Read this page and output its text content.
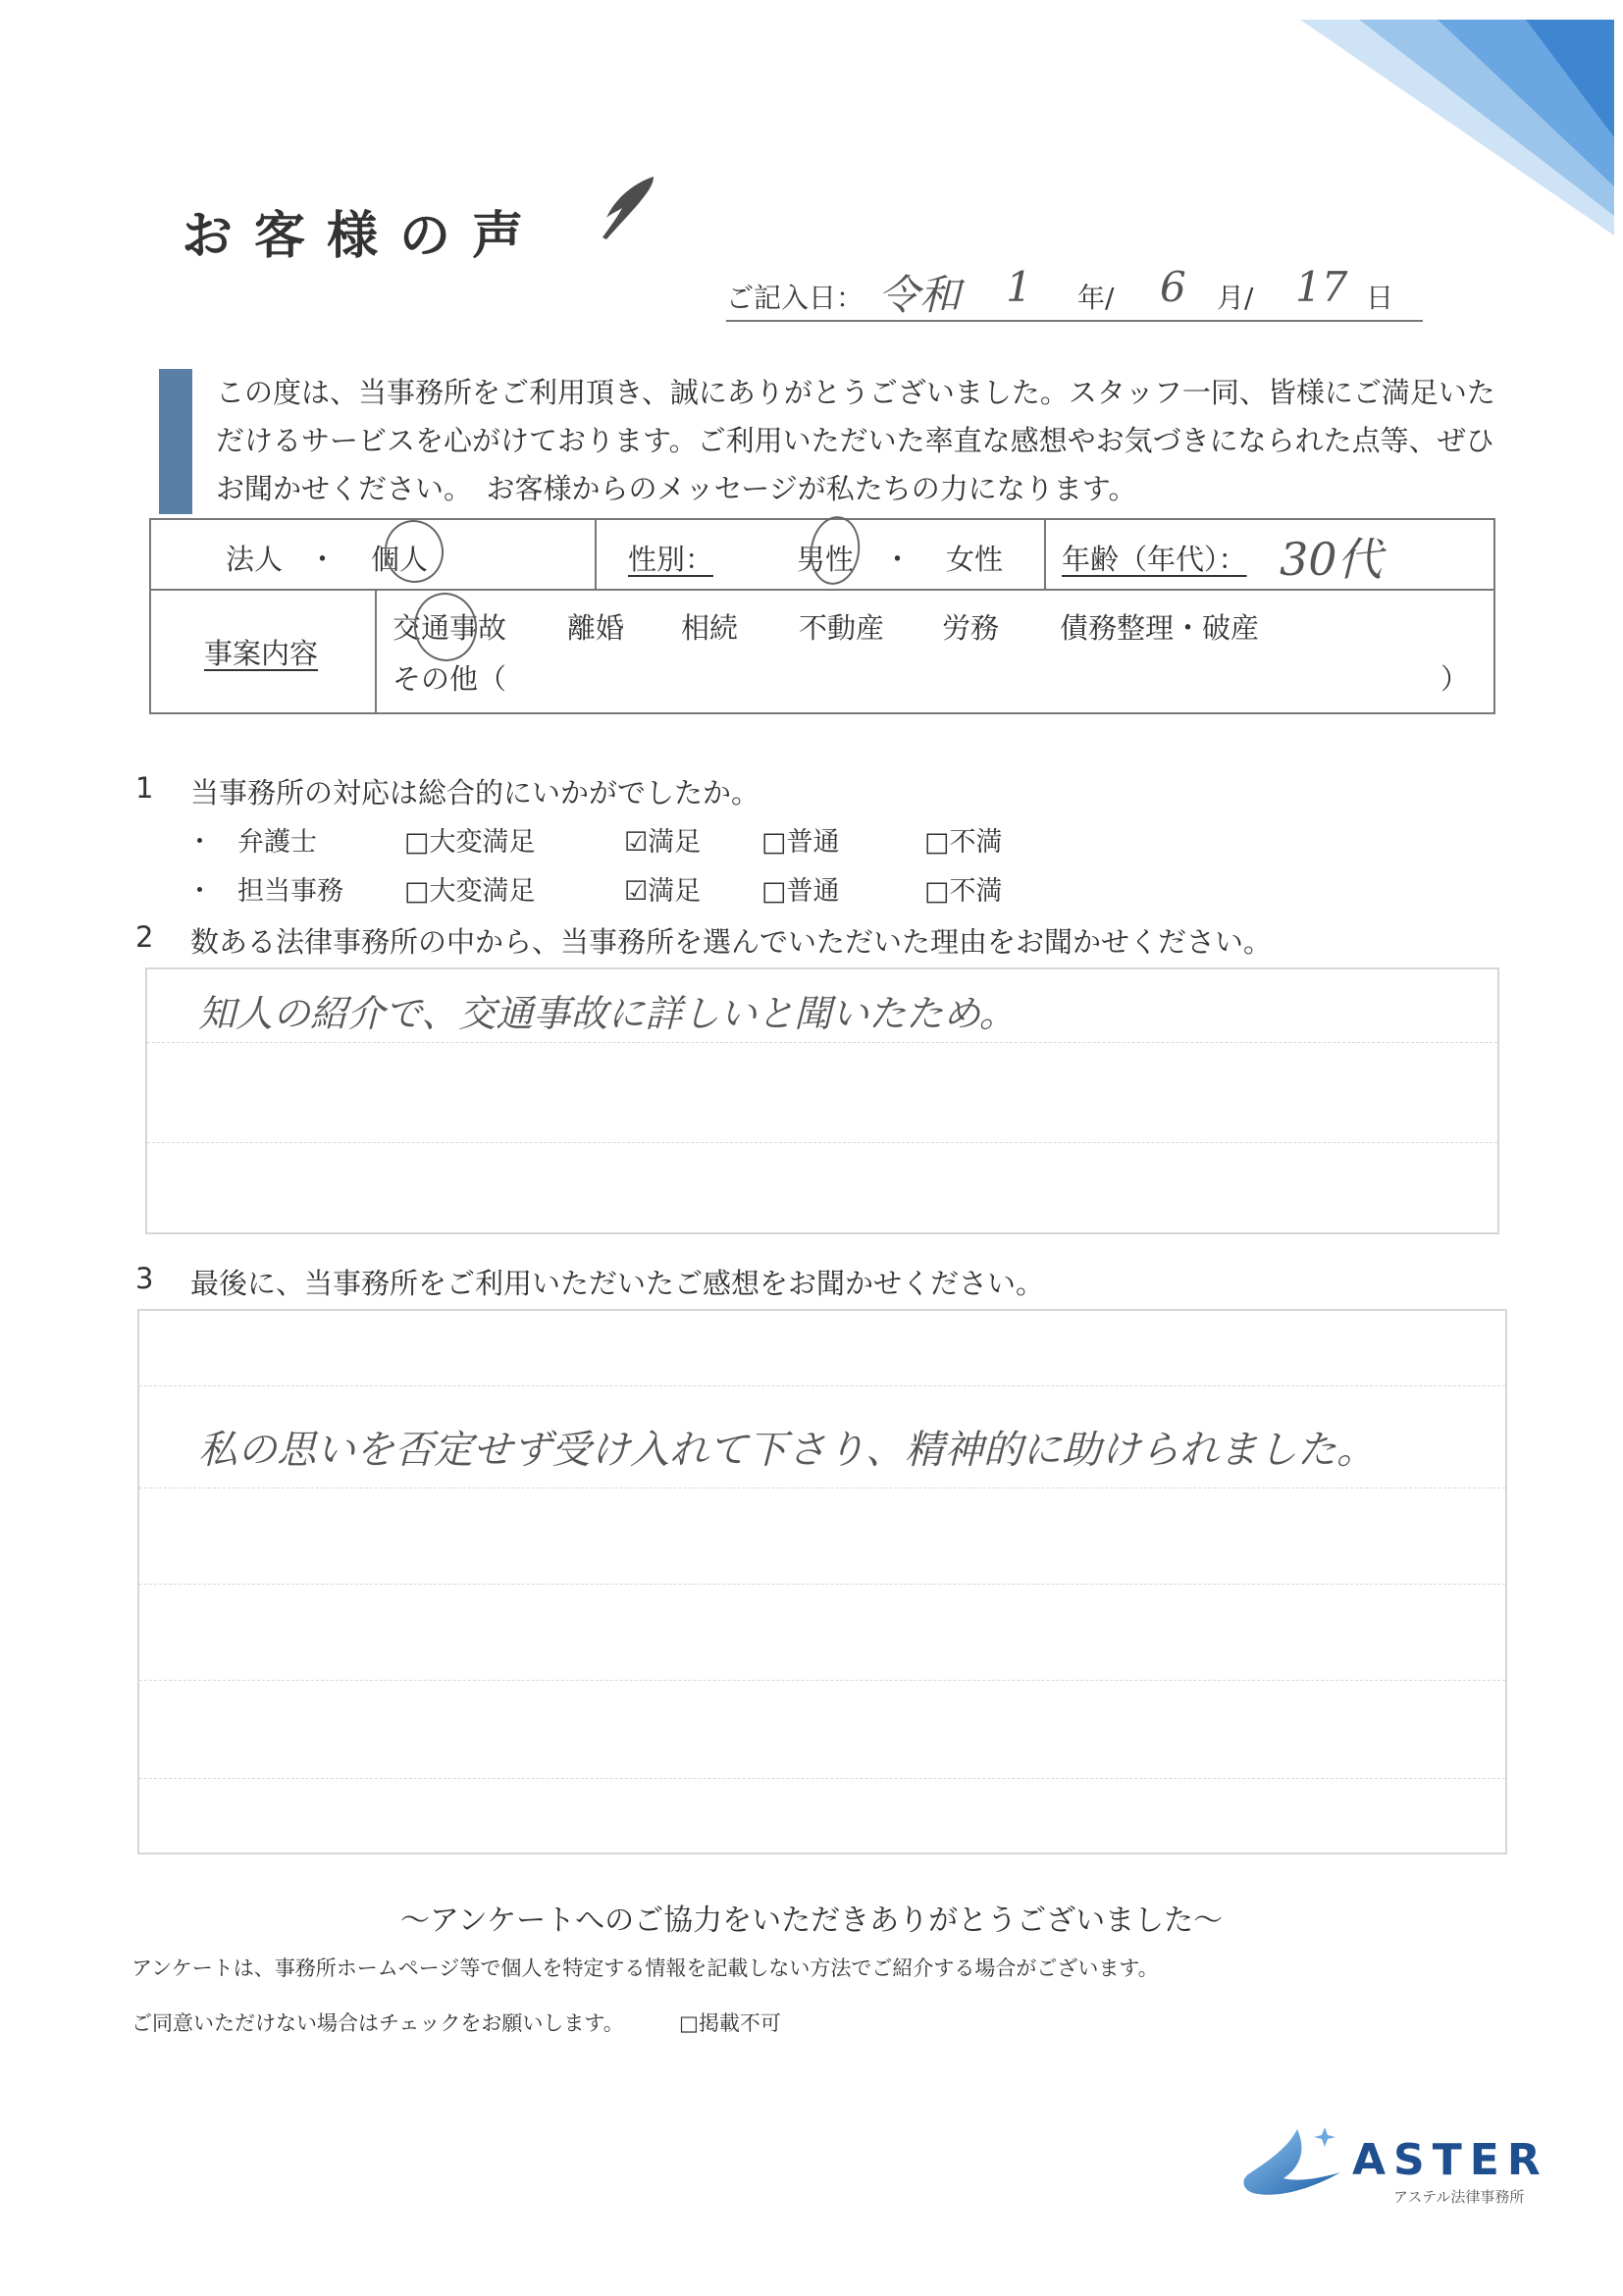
お客様の声
ご記入日： 令和 1 年/ 6 月/ 17 日
この度は、当事務所をご利用頂き、誠にありがとうございました。スタッフ一同、皆様にご満足いた
だけるサービスを心がけております。ご利用いただいた率直な感想やお気づきになられた点等、ぜひ
お聞かせください。　お客様からのメッセージが私たちの力になります。
法人 ・ 個人	性別：	男性 ・ 女性 年齢（年代）： 30代
事案内容
交通事故 離婚 相続 不動産 労務 債務整理・破産
その他（	）
1 当事務所の対応は総合的にいかがでしたか。
・ 弁護士	□大変満足	☑満足 □普通	□不満
・ 担当事務 □大変満足	☑満足 □普通	□不満
2 数ある法律事務所の中から、当事務所を選んでいただいた理由をお聞かせください。
知人の紹介で、交通事故に詳しいと聞いたため。
3 最後に、当事務所をご利用いただいたご感想をお聞かせください。
私の思いを否定せず受け入れて下さり、精神的に助けられました。
～アンケートへのご協力をいただきありがとうございました～
アンケートは、事務所ホームページ等で個人を特定する情報を記載しない方法でご紹介する場合がございます。
ご同意いただけない場合はチェックをお願いします。	□掲載不可
ASTER
アステル法律事務所
